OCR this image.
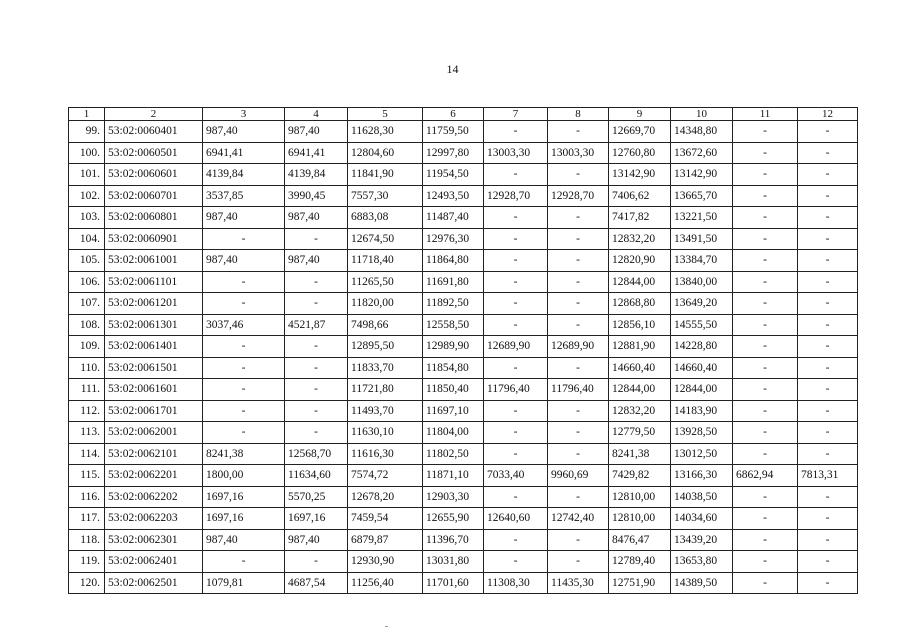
14
1	2	3	4	5	6	7	8	9	10	11	12
99.	53:02:0060401	987,40	987,40	11628,30	11759,50	-	-	12669,70	14348,80	-	-
100.	53:02:0060501	6941,41	6941,41	12804,60	12997,80	13003,30	13003,30	12760,80	13672,60	-	-
101.	53:02:0060601	4139,84	4139,84	11841,90	11954,50	-	-	13142,90	13142,90	-	-
102.	53:02:0060701	3537,85	3990,45	7557,30	12493,50	12928,70	12928,70	7406,62	13665,70	-	-
103.	53:02:0060801	987,40	987,40	6883,08	11487,40	-	-	7417,82	13221,50	-	-
104.	53:02:0060901	-	-	12674,50	12976,30	-	-	12832,20	13491,50	-	-
105.	53:02:0061001	987,40	987,40	11718,40	11864,80	-	-	12820,90	13384,70	-	-
106.	53:02:0061101	-	-	11265,50	11691,80	-	-	12844,00	13840,00	-	-
107.	53:02:0061201	-	-	11820,00	11892,50	-	-	12868,80	13649,20	-	-
108.	53:02:0061301	3037,46	4521,87	7498,66	12558,50	-	-	12856,10	14555,50	-	-
109.	53:02:0061401	-	-	12895,50	12989,90	12689,90	12689,90	12881,90	14228,80	-	-
110.	53:02:0061501	-	-	11833,70	11854,80	-	-	14660,40	14660,40	-	-
111.	53:02:0061601	-	-	11721,80	11850,40	11796,40	11796,40	12844,00	12844,00	-	-
112.	53:02:0061701	-	-	11493,70	11697,10	-	-	12832,20	14183,90	-	-
113.	53:02:0062001	-	-	11630,10	11804,00	-	-	12779,50	13928,50	-	-
114.	53:02:0062101	8241,38	12568,70	11616,30	11802,50	-	-	8241,38	13012,50	-	-
115.	53:02:0062201	1800,00	11634,60	7574,72	11871,10	7033,40	9960,69	7429,82	13166,30	6862,94	7813,31
116.	53:02:0062202	1697,16	5570,25	12678,20	12903,30	-	-	12810,00	14038,50	-	-
117.	53:02:0062203	1697,16	1697,16	7459,54	12655,90	12640,60	12742,40	12810,00	14034,60	-	-
118.	53:02:0062301	987,40	987,40	6879,87	11396,70	-	-	8476,47	13439,20	-	-
119.	53:02:0062401	-	-	12930,90	13031,80	-	-	12789,40	13653,80	-	-
120.	53:02:0062501	1079,81	4687,54	11256,40	11701,60	11308,30	11435,30	12751,90	14389,50	-	-
